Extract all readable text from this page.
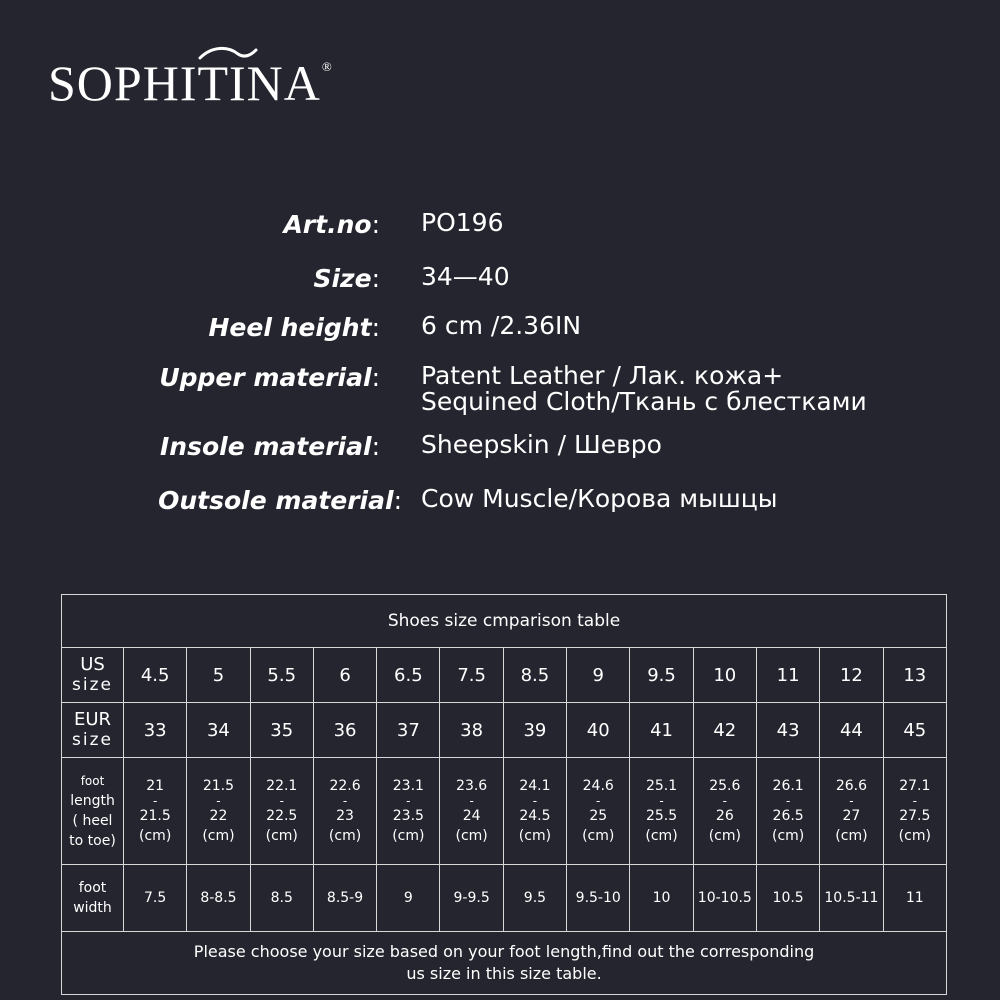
SOPHITINA®
Art.no: PO196
Size: 34—40
Heel height: 6 cm /2.36IN
Upper material: Patent Leather / Лак. кожа+
Sequined Cloth/Ткань с блестками
Insole material: Sheepskin / Шевро
Outsole material: Cow Muscle/Корова мышцы
Shoes size cmparison table													
US
size	4.5	5	5.5	6	6.5	7.5	8.5	9	9.5	10	11	12	13
EUR
size	33	34	35	36	37	38	39	40	41	42	43	44	45
foot
length
( heel
to toe)	21
-
21.5
(cm)	21.5
-
22
(cm)	22.1
-
22.5
(cm)	22.6
-
23
(cm)	23.1
-
23.5
(cm)	23.6
-
24
(cm)	24.1
-
24.5
(cm)	24.6
-
25
(cm)	25.1
-
25.5
(cm)	25.6
-
26
(cm)	26.1
-
26.5
(cm)	26.6
-
27
(cm)	27.1
-
27.5
(cm)
foot
width	7.5	8-8.5	8.5	8.5-9	9	9-9.5	9.5	9.5-10	10	10-10.5	10.5	10.5-11	11
Please choose your size based on your foot length,find out the corresponding
us size in this size table.													
